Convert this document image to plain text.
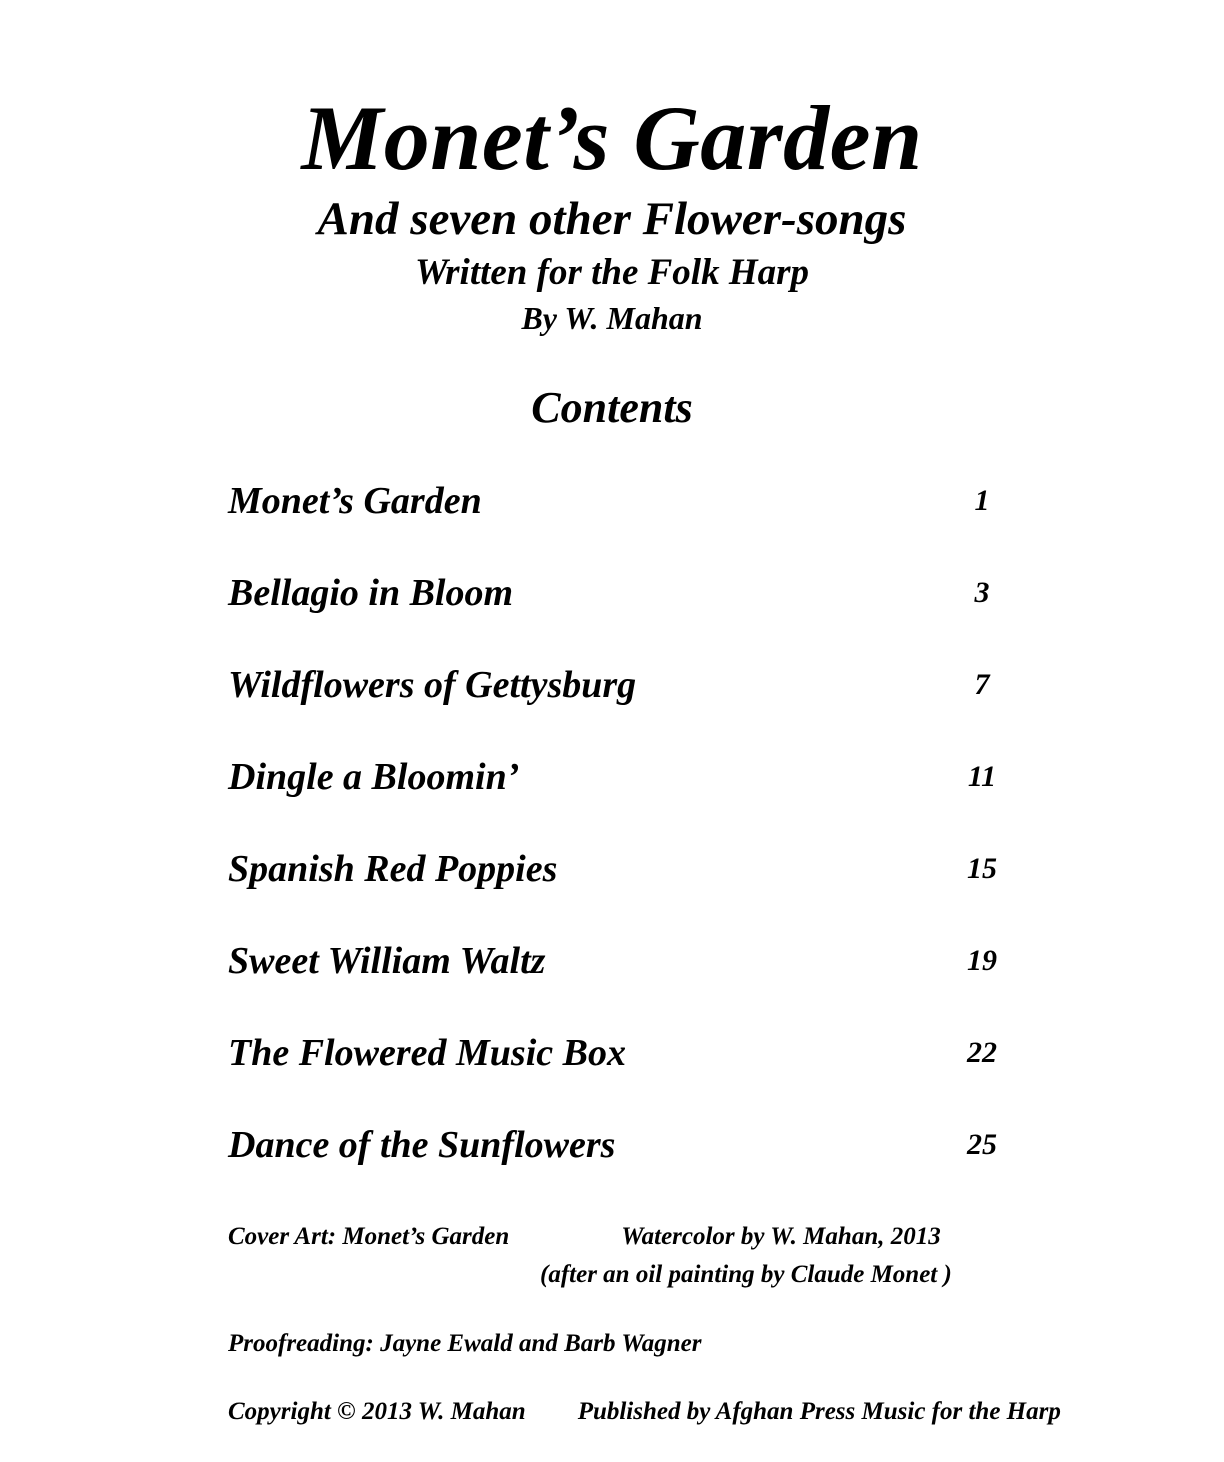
Monet’s Garden
And seven other Flower-songs
Written for the Folk Harp
By W. Mahan
Contents
Monet’s Garden	1
Bellagio in Bloom	3
Wildflowers of Gettysburg	7
Dingle a Bloomin’	11
Spanish Red Poppies	15
Sweet William Waltz	19
The Flowered Music Box	22
Dance of the Sunflowers	25
Cover Art: Monet’s Garden	Watercolor by W. Mahan, 2013
(after an oil painting by Claude Monet )
Proofreading: Jayne Ewald and Barb Wagner
Copyright © 2013 W. Mahan Published by Afghan Press Music for the Harp
